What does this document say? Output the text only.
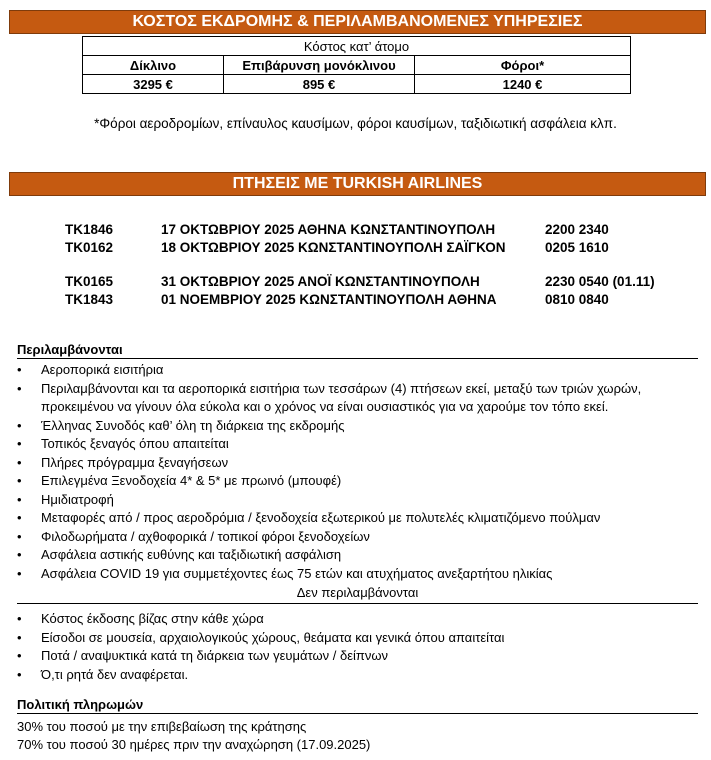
ΚΟΣΤΟΣ ΕΚΔΡΟΜΗΣ & ΠΕΡΙΛΑΜΒΑΝΟΜΕΝΕΣ ΥΠΗΡΕΣΙΕΣ
Κόστος κατ’ άτομο		
Δίκλινο	Επιβάρυνση μονόκλινου	Φόροι*
3295 €	895 €	1240 €
*Φόροι αεροδρομίων, επίναυλος καυσίμων, φόροι καυσίμων, ταξιδιωτική ασφάλεια κλπ.
ΠΤΗΣΕΙΣ ΜΕ TURKISH AIRLINES
TK1846	17 ΟΚΤΩΒΡΙΟΥ 2025 ΑΘΗΝΑ ΚΩΝΣΤΑΝΤΙΝΟΥΠΟΛΗ	2200 2340
TK0162	18 ΟΚΤΩΒΡΙΟΥ 2025 ΚΩΝΣΤΑΝΤΙΝΟΥΠΟΛΗ ΣΑΪΓΚΟΝ	0205 1610
TK0165	31 ΟΚΤΩΒΡΙΟΥ 2025 ΑΝΟΪ ΚΩΝΣΤΑΝΤΙΝΟΥΠΟΛΗ	2230 0540 (01.11)
TK1843	01 ΝΟΕΜΒΡΙΟΥ 2025 ΚΩΝΣΤΑΝΤΙΝΟΥΠΟΛΗ ΑΘΗΝΑ	0810 0840
Περιλαμβάνονται
• Αεροπορικά εισιτήρια
• Περιλαμβάνονται και τα αεροπορικά εισιτήρια των τεσσάρων (4) πτήσεων εκεί, μεταξύ των τριών χωρών, προκειμένου να γίνουν όλα εύκολα και ο χρόνος να είναι ουσιαστικός για να χαρούμε τον τόπο εκεί.
• Έλληνας Συνοδός καθ’ όλη τη διάρκεια της εκδρομής
• Τοπικός ξεναγός όπου απαιτείται
• Πλήρες πρόγραμμα ξεναγήσεων
• Επιλεγμένα Ξενοδοχεία 4* & 5* με πρωινό (μπουφέ)
• Ημιδιατροφή
• Μεταφορές από / προς αεροδρόμια / ξενοδοχεία εξωτερικού με πολυτελές κλιματιζόμενο πούλμαν
• Φιλοδωρήματα / αχθοφορικά / τοπικοί φόροι ξενοδοχείων
• Ασφάλεια αστικής ευθύνης και ταξιδιωτική ασφάλιση
• Ασφάλεια COVID 19 για συμμετέχοντες έως 75 ετών και ατυχήματος ανεξαρτήτου ηλικίας
Δεν περιλαμβάνονται
• Κόστος έκδοσης βίζας στην κάθε χώρα
• Είσοδοι σε μουσεία, αρχαιολογικούς χώρους, θεάματα και γενικά όπου απαιτείται
• Ποτά / αναψυκτικά κατά τη διάρκεια των γευμάτων / δείπνων
• Ό,τι ρητά δεν αναφέρεται.
Πολιτική πληρωμών
30% του ποσού με την επιβεβαίωση της κράτησης
70% του ποσού 30 ημέρες πριν την αναχώρηση (17.09.2025)
